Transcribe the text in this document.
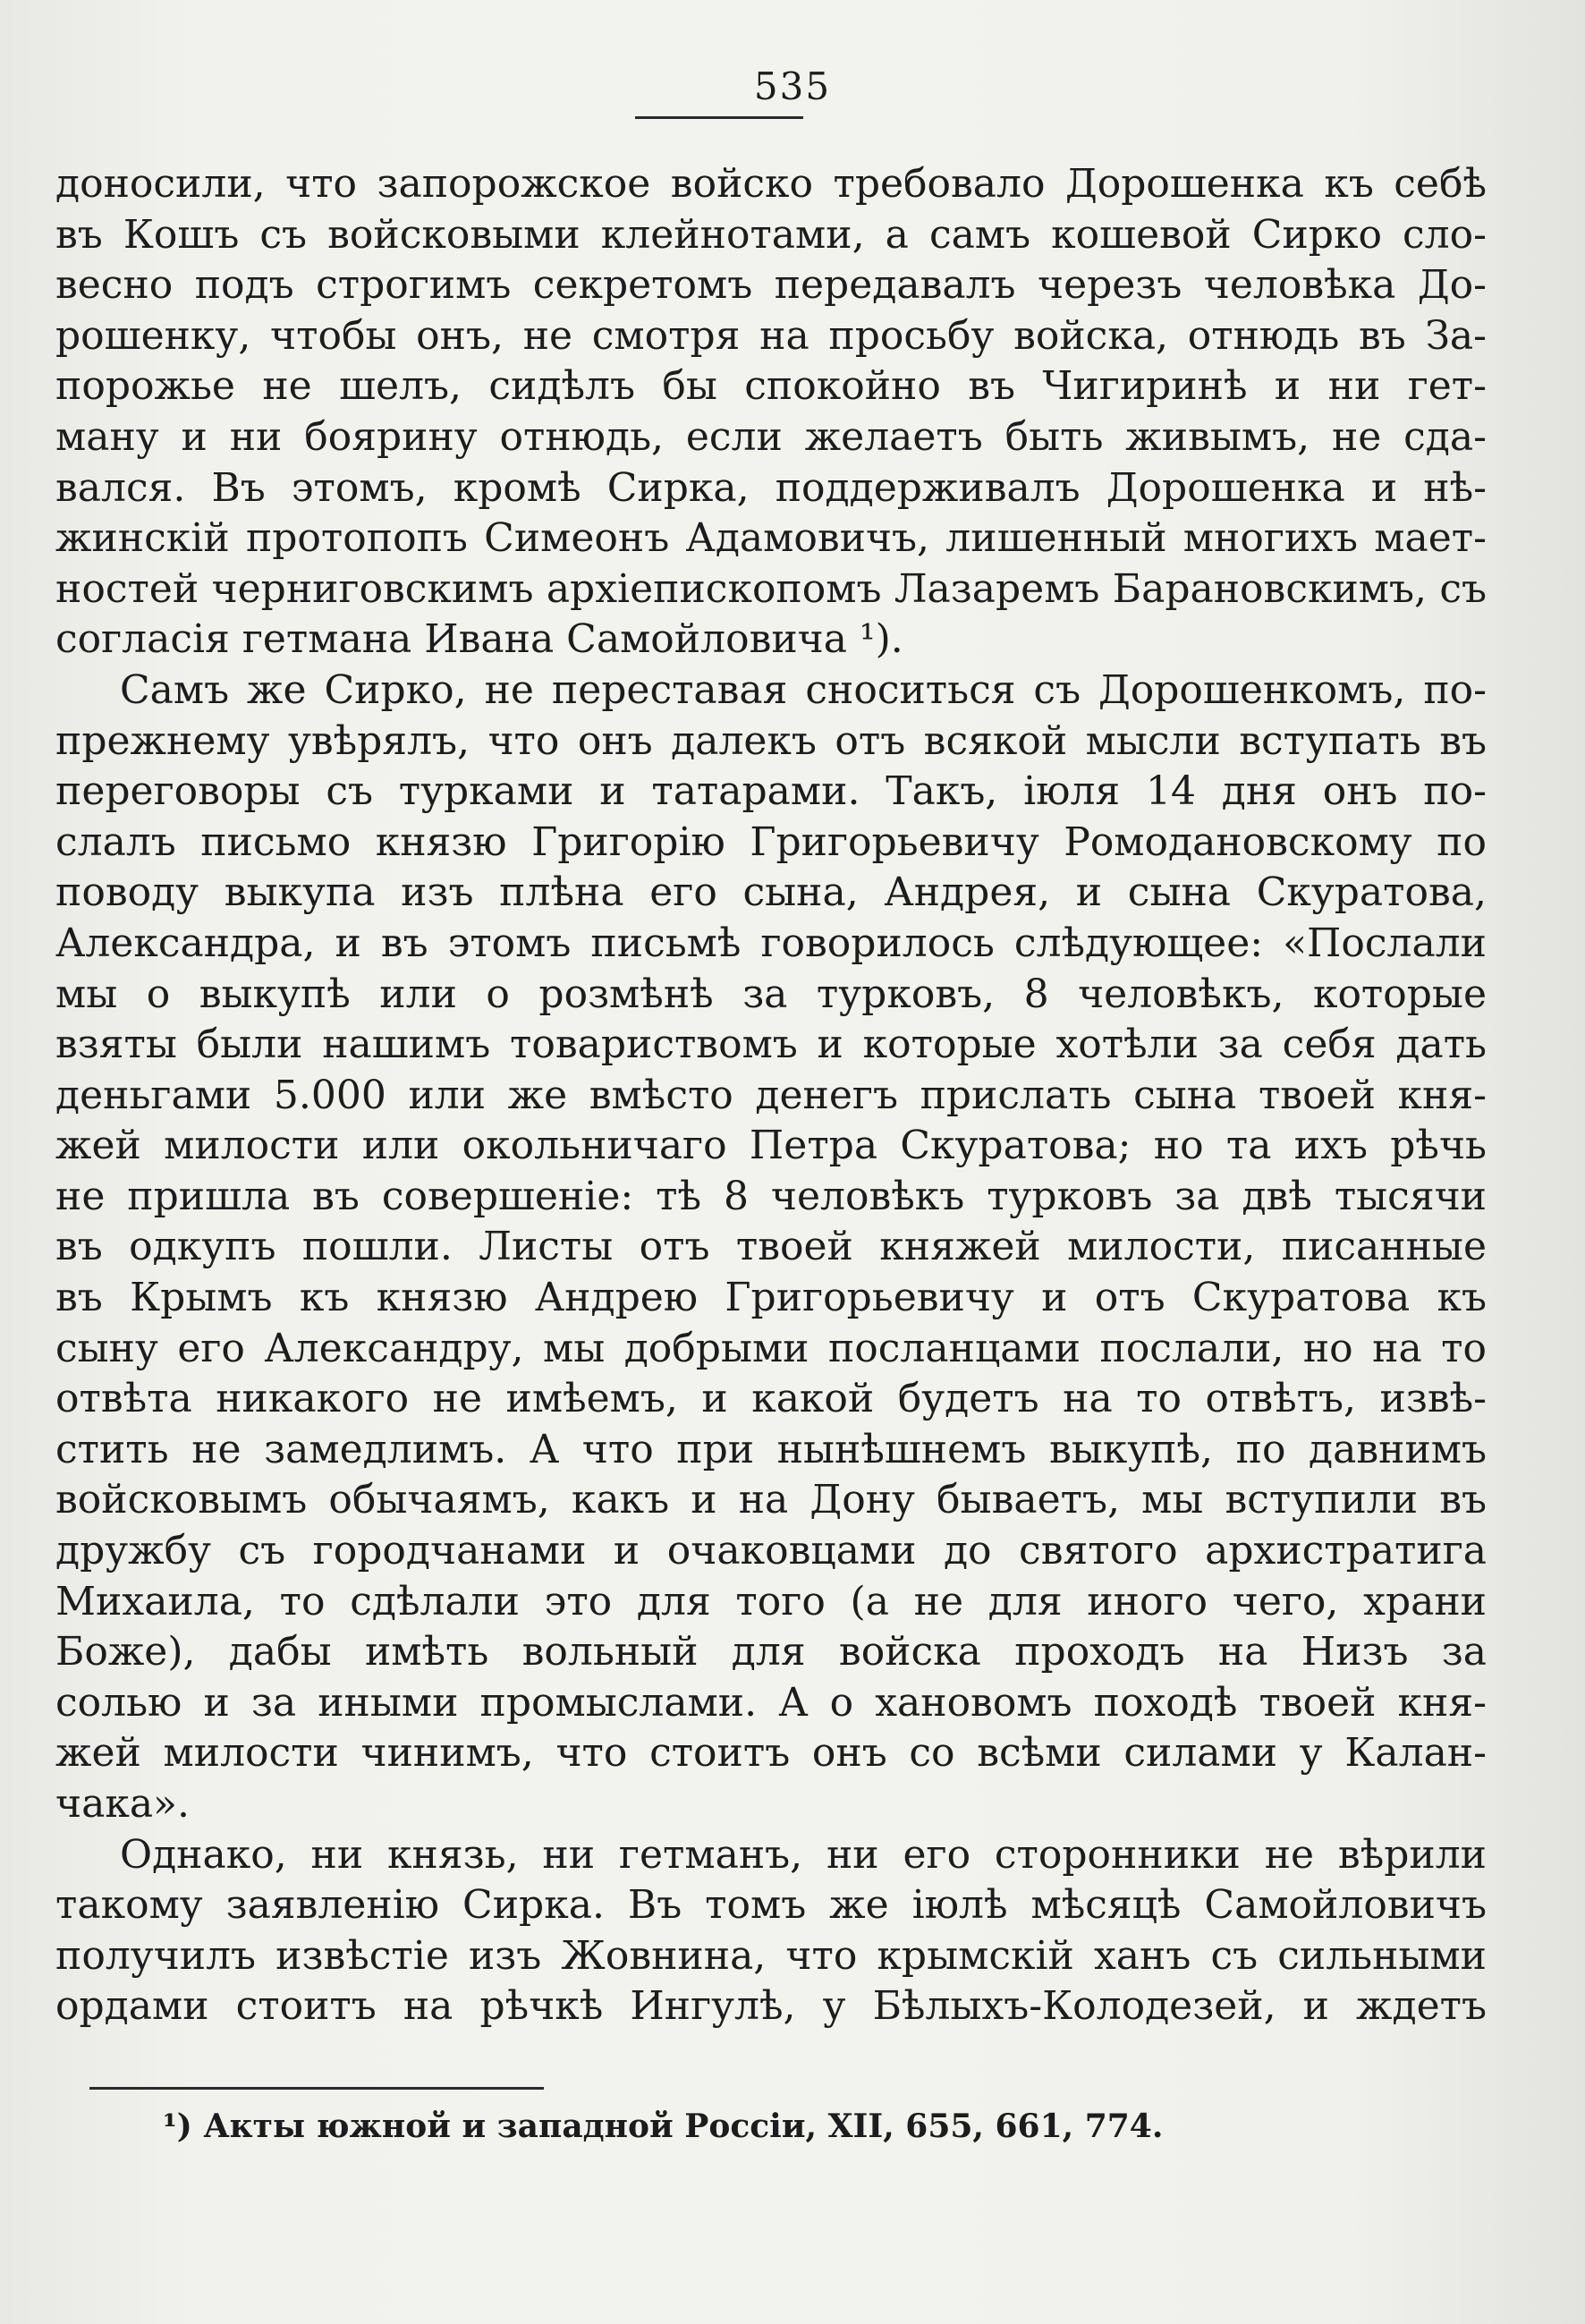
535
доносили, что запорожское войско требовало Дорошенка къ себѣ
въ Кошъ съ войсковыми клейнотами, а самъ кошевой Сирко сло-
весно подъ строгимъ секретомъ передавалъ черезъ человѣка До-
рошенку, чтобы онъ, не смотря на просьбу войска, отнюдь въ За-
порожье не шелъ, сидѣлъ бы спокойно въ Чигиринѣ и ни гет-
ману и ни боярину отнюдь, если желаетъ быть живымъ, не сда-
вался. Въ этомъ, кромѣ Сирка, поддерживалъ Дорошенка и нѣ-
жинскій протопопъ Симеонъ Адамовичъ, лишенный многихъ мает-
ностей черниговскимъ архіепископомъ Лазаремъ Барановскимъ, съ
согласія гетмана Ивана Самойловича ¹).
Самъ же Сирко, не переставая сноситься съ Дорошенкомъ, по-
прежнему увѣрялъ, что онъ далекъ отъ всякой мысли вступать въ
переговоры съ турками и татарами. Такъ, іюля 14 дня онъ по-
слалъ письмо князю Григорію Григорьевичу Ромодановскому по
поводу выкупа изъ плѣна его сына, Андрея, и сына Скуратова,
Александра, и въ этомъ письмѣ говорилось слѣдующее: «Послали
мы о выкупѣ или о розмѣнѣ за турковъ, 8 человѣкъ, которые
взяты были нашимъ товариствомъ и которые хотѣли за себя дать
деньгами 5.000 или же вмѣсто денегъ прислать сына твоей кня-
жей милости или окольничаго Петра Скуратова; но та ихъ рѣчь
не пришла въ совершеніе: тѣ 8 человѣкъ турковъ за двѣ тысячи
въ одкупъ пошли. Листы отъ твоей княжей милости, писанные
въ Крымъ къ князю Андрею Григорьевичу и отъ Скуратова къ
сыну его Александру, мы добрыми посланцами послали, но на то
отвѣта никакого не имѣемъ, и какой будетъ на то отвѣтъ, извѣ-
стить не замедлимъ. А что при нынѣшнемъ выкупѣ, по давнимъ
войсковымъ обычаямъ, какъ и на Дону бываетъ, мы вступили въ
дружбу съ городчанами и очаковцами до святого архистратига
Михаила, то сдѣлали это для того (а не для иного чего, храни
Боже), дабы имѣть вольный для войска проходъ на Низъ за
солью и за иными промыслами. А о хановомъ походѣ твоей кня-
жей милости чинимъ, что стоитъ онъ со всѣми силами у Калан-
чака».
Однако, ни князь, ни гетманъ, ни его сторонники не вѣрили
такому заявленію Сирка. Въ томъ же іюлѣ мѣсяцѣ Самойловичъ
получилъ извѣстіе изъ Жовнина, что крымскій ханъ съ сильными
ордами стоитъ на рѣчкѣ Ингулѣ, у Бѣлыхъ-Колодезей, и ждетъ
¹) Акты южной и западной Россіи, XII, 655, 661, 774.
